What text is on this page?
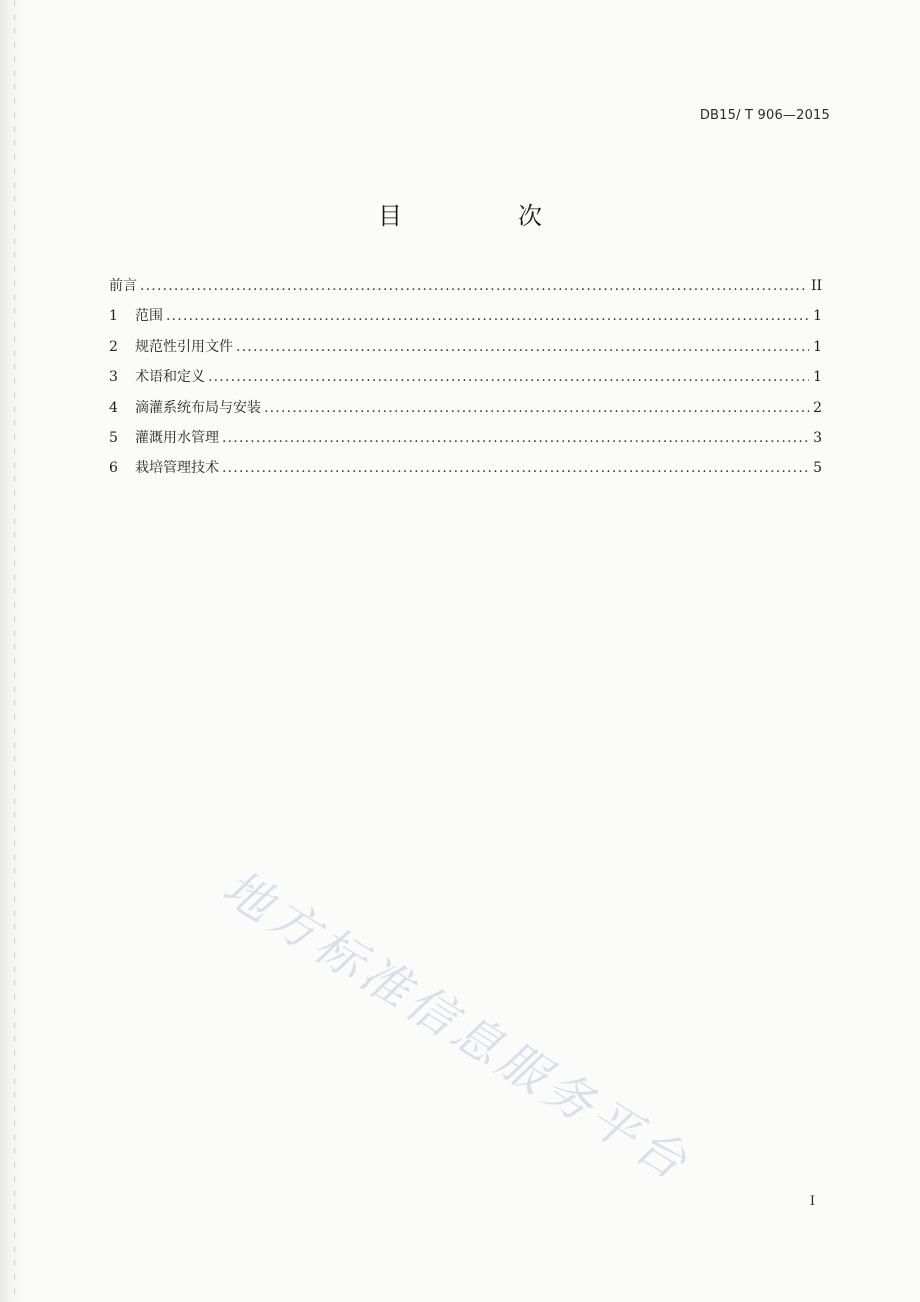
DB15/ T 906—2015
目　次
前言 .....	II
1	范围 .....	1
2	规范性引用文件 .....	1
3	术语和定义 .....	1
4	滴灌系统布局与安装 .....	2
5	灌溉用水管理 .....	3
6	栽培管理技术 .....	5
地方标准信息服务平台
I
